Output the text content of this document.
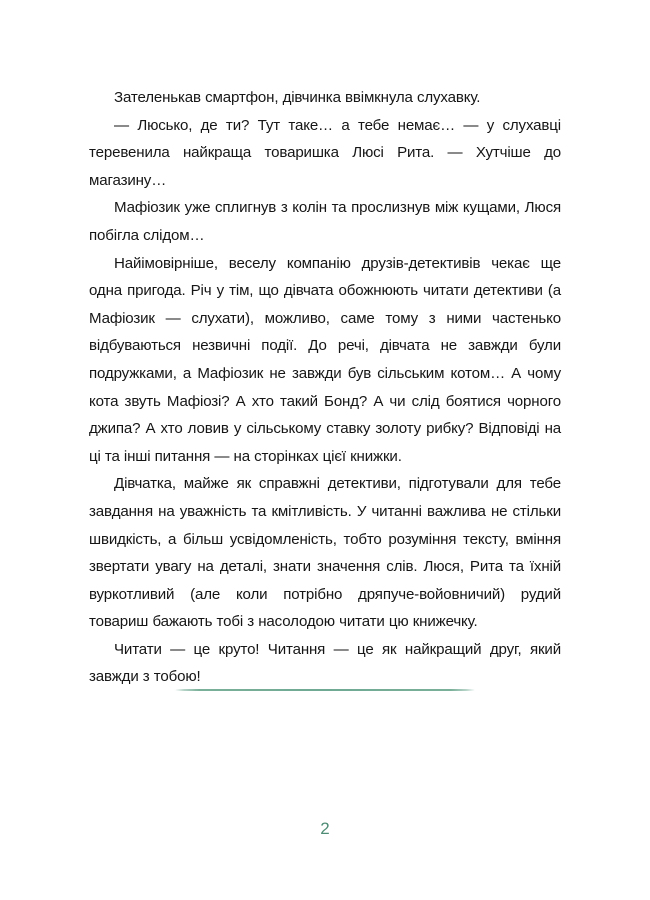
Зателенькав смартфон, дівчинка ввімкнула слухавку.

— Люсько, де ти? Тут таке… а тебе немає… — у слухавці теревенила найкраща товаришка Люсі Рита. — Хутчіше до магазину…

Мафіозик уже сплигнув з колін та прослизнув між кущами, Люся побігла слідом…

Найімовірніше, веселу компанію друзів-детективів чекає ще одна пригода. Річ у тім, що дівчата обожнюють читати детективи (а Мафіозик — слухати), можливо, саме тому з ними частенько відбуваються незвичні події. До речі, дівчата не завжди були подружками, а Мафіозик не завжди був сільським котом… А чому кота звуть Мафіозі? А хто такий Бонд? А чи слід боятися чорного джипа? А хто ловив у сільському ставку золоту рибку? Відповіді на ці та інші питання — на сторінках цієї книжки.

Дівчатка, майже як справжні детективи, підготували для тебе завдання на уважність та кмітливість. У читанні важлива не стільки швидкість, а більш усвідомленість, тобто розуміння тексту, вміння звертати увагу на деталі, знати значення слів. Люся, Рита та їхній вуркотливий (але коли потрібно дряпуче-войовничий) рудий товариш бажають тобі з насолодою читати цю книжечку.

Читати — це круто! Читання — це як найкращий друг, який завжди з тобою!

2
